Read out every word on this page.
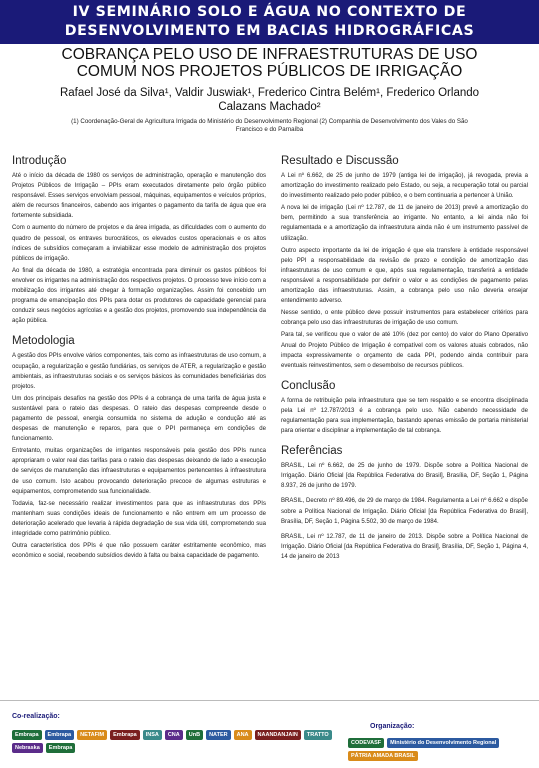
IV SEMINÁRIO SOLO E ÁGUA NO CONTEXTO DE
DESENVOLVIMENTO EM BACIAS HIDROGRÁFICAS
COBRANÇA PELO USO DE INFRAESTRUTURAS DE USO
COMUM NOS PROJETOS PÚBLICOS DE IRRIGAÇÃO
Rafael José da Silva¹, Valdir Juswiak¹, Frederico Cintra Belém¹, Frederico Orlando
Calazans Machado²
(1) Coordenação-Geral de Agricultura Irrigada do Ministério do Desenvolvimento Regional (2) Companhia de Desenvolvimento dos Vales do São Francisco e do Parnaíba
Introdução

Até o início da década de 1980 os serviços de administração, operação e manutenção dos Projetos Públicos de Irrigação – PPIs eram executados diretamente pelo órgão público responsável. Esses serviços envolviam pessoal, máquinas, equipamentos e veículos próprios, além de recursos financeiros, cabendo aos irrigantes o pagamento da tarifa de água que era fortemente subsidiada.

Com o aumento do número de projetos e da área irrigada, as dificuldades com o aumento do quadro de pessoal, os entraves burocráticos, os elevados custos operacionais e os altos índices de subsídios começaram a inviabilizar esse modelo de administração dos projetos públicos de irrigação.

Ao final da década de 1980, a estratégia encontrada para diminuir os gastos públicos foi envolver os irrigantes na administração dos respectivos projetos. O processo teve início com a mobilização dos irrigantes até chegar à formação organizações. Assim foi concebido um programa de emancipação dos PPIs para dotar os produtores de capacidade gerencial para conduzir seus negócios agrícolas e a gestão dos projetos, promovendo sua independência da ação pública.

Metodologia

A gestão dos PPIs envolve vários componentes, tais como as infraestruturas de uso comum, a ocupação, a regularização e gestão fundiárias, os serviços de ATER, a regularização e gestão ambientais, as infraestruturas sociais e os serviços básicos às comunidades beneficiárias dos projetos.

Um dos principais desafios na gestão dos PPIs é a cobrança de uma tarifa de água justa e sustentável para o rateio das despesas. O rateio das despesas compreende desde o pagamento de pessoal, energia consumida no sistema de adução e condução até as despesas de manutenção e reparos, para que o PPI permaneça em condições de funcionamento.

Entretanto, muitas organizações de irrigantes responsáveis pela gestão dos PPIs nunca apropriaram o valor real das tarifas para o rateio das despesas deixando de lado a execução de serviços de manutenção das infraestruturas e equipamentos pertencentes à infraestrutura de uso comum. Isto acabou provocando deterioração precoce de algumas estruturas e equipamentos, comprometendo sua funcionalidade.

Todavia, faz-se necessário realizar investimentos para que as infraestruturas dos PPIs mantenham suas condições ideais de funcionamento e não entrem em um processo de deterioração acelerado que levaria à rápida degradação de sua vida útil, comprometendo sua integridade como patrimônio público.

Outra característica dos PPIs é que não possuem caráter estritamente econômico, mas econômico e social, recebendo subsídios devido à falta ou baixa capacidade de pagamento.

Resultado e Discussão

A Lei nº 6.662, de 25 de junho de 1979 (antiga lei de irrigação), já revogada, previa a amortização do investimento realizado pelo Estado, ou seja, a recuperação total ou parcial do investimento realizado pelo poder público, e o bem continuaria a pertencer à União.

A nova lei de irrigação (Lei nº 12.787, de 11 de janeiro de 2013) prevê a amortização do bem, permitindo a sua transferência ao irrigante. No entanto, a lei ainda não foi regulamentada e a amortização da infraestrutura ainda não é um instrumento passível de utilização.

Outro aspecto importante da lei de irrigação é que ela transfere à entidade responsável pelo PPI a responsabilidade da revisão de prazo e condição de amortização das infraestruturas de uso comum e que, após sua regulamentação, transferirá a entidade responsável a responsabilidade por definir o valor e as condições de pagamento pelas amortização das infraestruturas. Assim, a cobrança pelo uso não deveria ensejar entendimento adverso.

Nesse sentido, o ente público deve possuir instrumentos para estabelecer critérios para cobrança pelo uso das infraestruturas de irrigação de uso comum.

Para tal, se verificou que o valor de até 10% (dez por cento) do valor do Plano Operativo Anual do Projeto Público de Irrigação é compatível com os valores atuais cobrados, não impacta expressivamente o orçamento de cada PPI, podendo ainda contribuir para eventuais reinvestimentos, sem o desembolso de recursos públicos.

Conclusão

A forma de retribuição pela infraestrutura que se tem respaldo e se encontra disciplinada pela Lei nº 12.787/2013 é a cobrança pelo uso. Não cabendo necessidade de regulamentação para sua implementação, bastando apenas emissão de portaria ministerial para orientar e disciplinar a implementação de tal cobrança.

Referências

BRASIL, Lei nº 6.662, de 25 de junho de 1979. Dispõe sobre a Política Nacional de Irrigação. Diário Oficial [da República Federativa do Brasil], Brasília, DF, Seção 1, Página 8.937, 26 de junho de 1979.

BRASIL, Decreto nº 89.496, de 29 de março de 1984. Regulamenta a Lei nº 6.662 e dispõe sobre a Política Nacional de Irrigação. Diário Oficial [da República Federativa do Brasil], Brasília, DF, Seção 1, Página 5.502, 30 de março de 1984.

BRASIL, Lei nº 12.787, de 11 de janeiro de 2013. Dispõe sobre a Política Nacional de Irrigação. Diário Oficial [da República Federativa do Brasil], Brasília, DF, Seção 1, Página 4, 14 de janeiro de 2013

Co-realização:
Organização:
Embrapa	Embrapa	NETAFIM	Embrapa	INSA	CNA	UnB	NATER	ANA	NAANDANJAIN	TRATTO
Nebraska	Embrapa
CODEVASF	Ministério do Desenvolvimento Regional
PÁTRIA AMADA BRASIL
